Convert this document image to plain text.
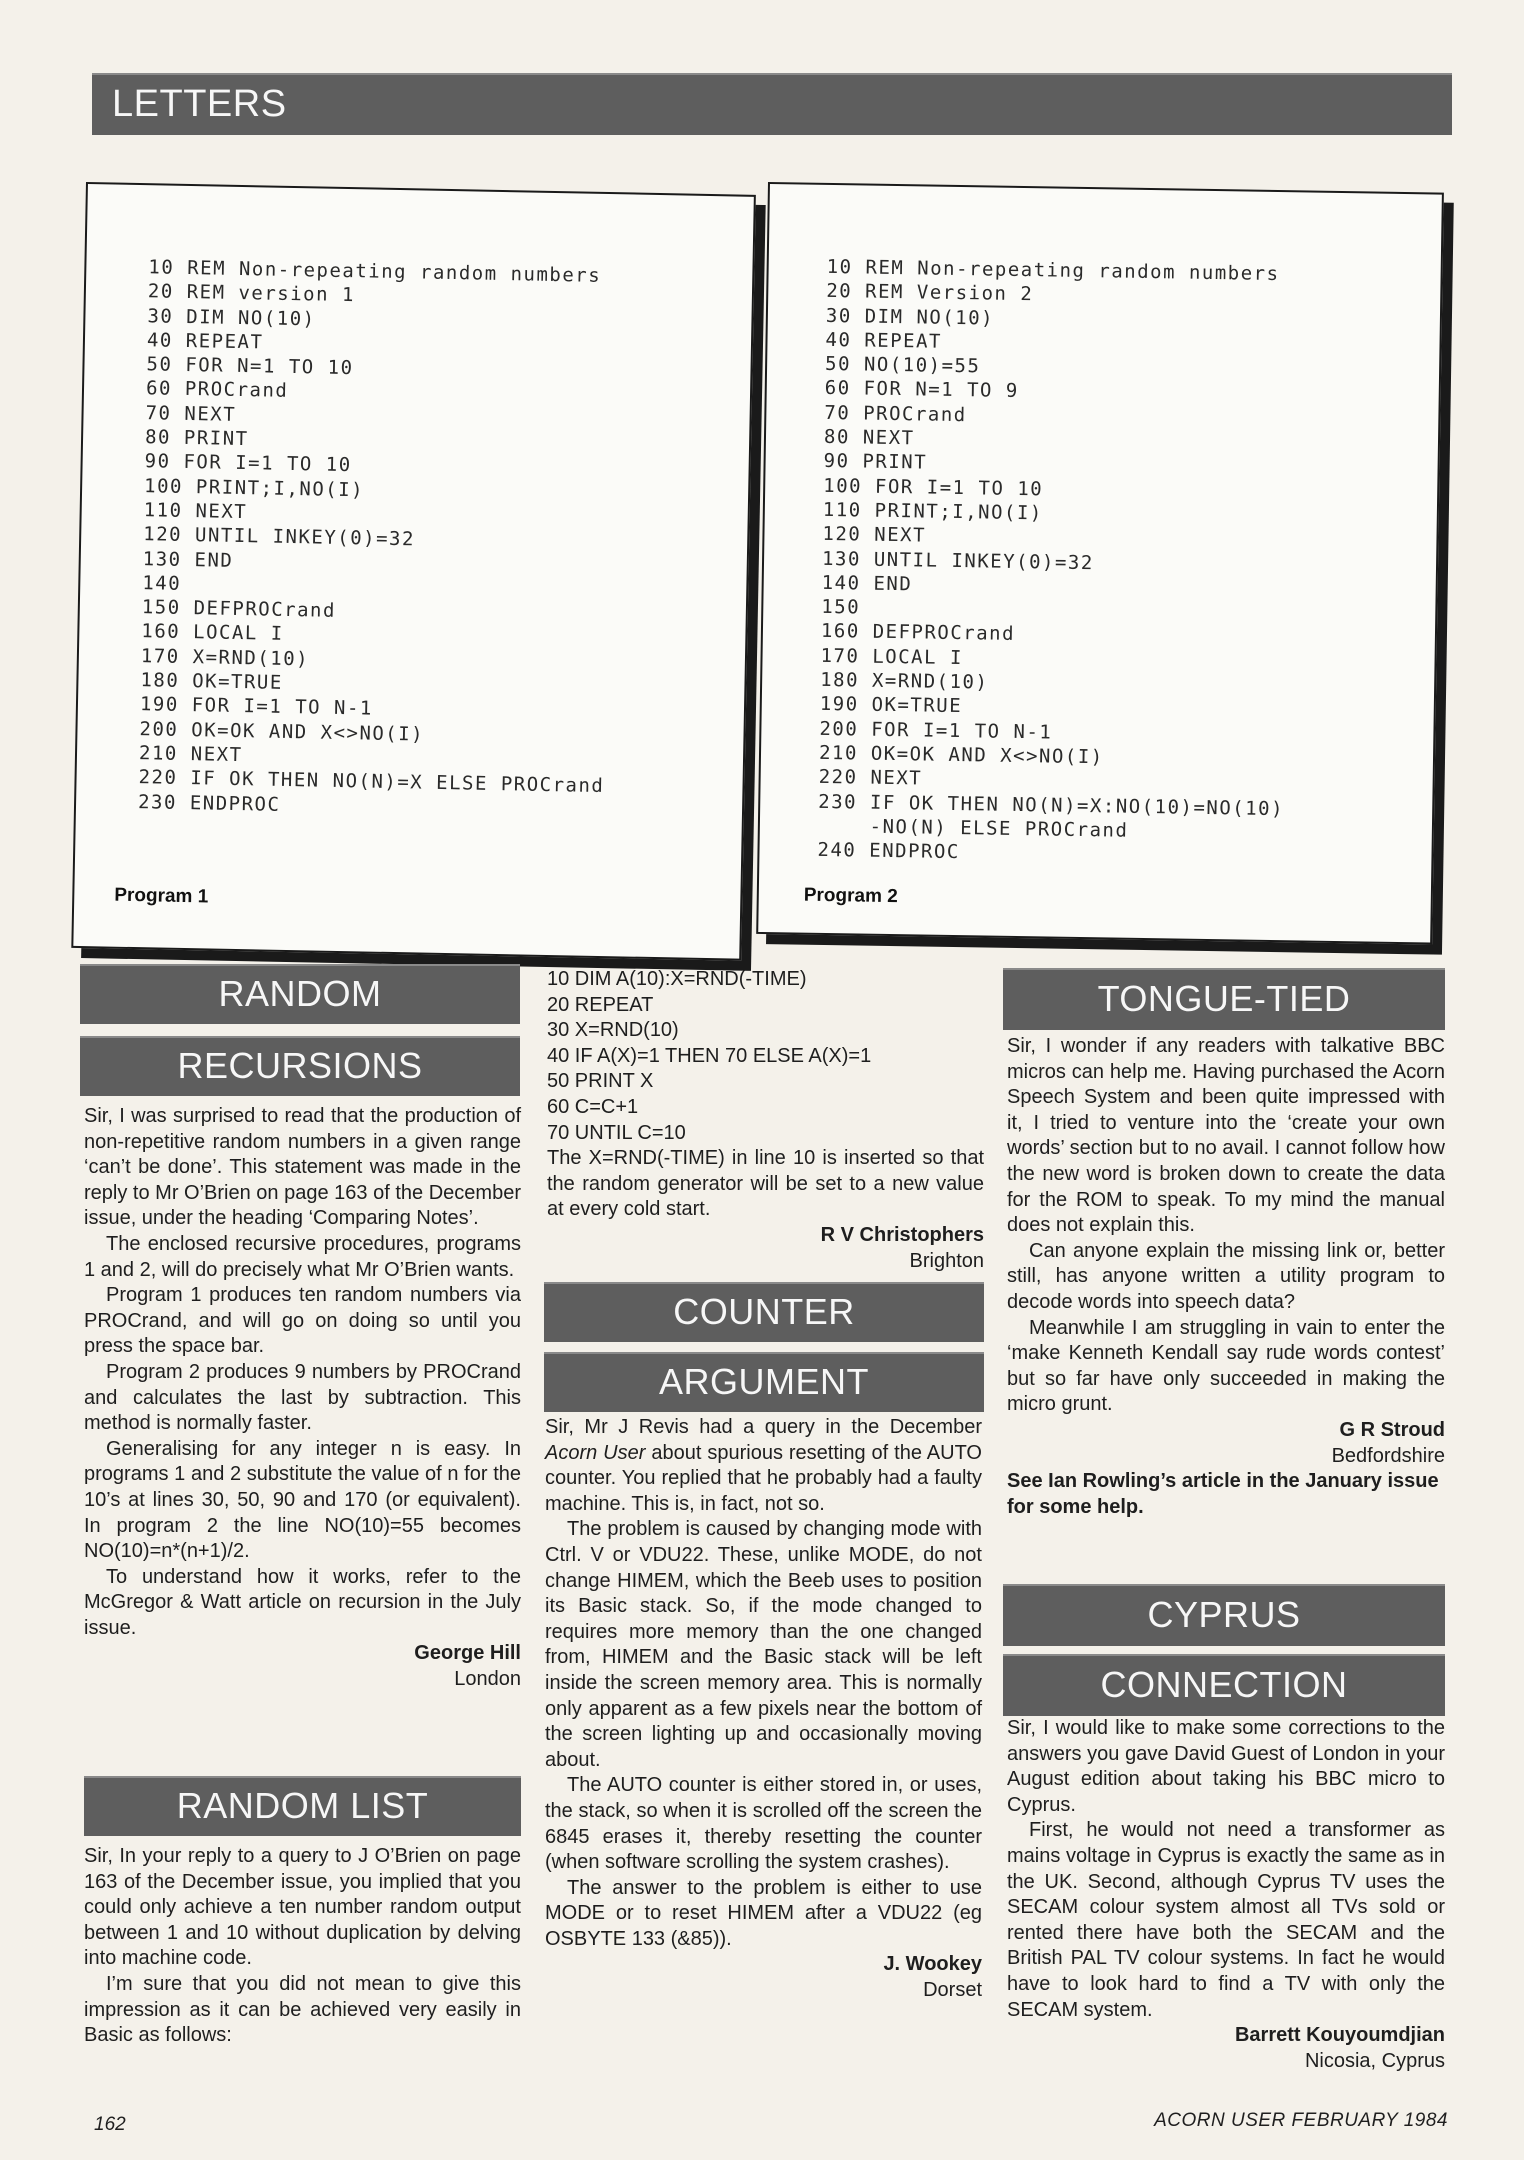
LETTERS
10 REM Non-repeating random numbers
20 REM version 1
30 DIM NO(10)
40 REPEAT
50 FOR N=1 TO 10
60 PROCrand
70 NEXT
80 PRINT
90 FOR I=1 TO 10
100 PRINT;I,NO(I)
110 NEXT
120 UNTIL INKEY(0)=32
130 END
140
150 DEFPROCrand
160 LOCAL I
170 X=RND(10)
180 OK=TRUE
190 FOR I=1 TO N-1
200 OK=OK AND X<>NO(I)
210 NEXT
220 IF OK THEN NO(N)=X ELSE PROCrand
230 ENDPROC
Program 1
10 REM Non-repeating random numbers
20 REM Version 2
30 DIM NO(10)
40 REPEAT
50 NO(10)=55
60 FOR N=1 TO 9
70 PROCrand
80 NEXT
90 PRINT
100 FOR I=1 TO 10
110 PRINT;I,NO(I)
120 NEXT
130 UNTIL INKEY(0)=32
140 END
150
160 DEFPROCrand
170 LOCAL I
180 X=RND(10)
190 OK=TRUE
200 FOR I=1 TO N-1
210 OK=OK AND X<>NO(I)
220 NEXT
230 IF OK THEN NO(N)=X:NO(10)=NO(10)
-NO(N) ELSE PROCrand
240 ENDPROC
Program 2
RANDOM
RECURSIONS

Sir, I was surprised to read that the production of non-repetitive random numbers in a given range ‘can’t be done’. This statement was made in the reply to Mr O’Brien on page 163 of the December issue, under the heading ‘Comparing Notes’.

The enclosed recursive procedures, programs 1 and 2, will do precisely what Mr O’Brien wants.

Program 1 produces ten random numbers via PROCrand, and will go on doing so until you press the space bar.

Program 2 produces 9 numbers by PROCrand and calculates the last by subtraction. This method is normally faster.

Generalising for any integer n is easy. In programs 1 and 2 substitute the value of n for the 10’s at lines 30, 50, 90 and 170 (or equivalent). In program 2 the line NO(10)=55 becomes NO(10)=n*(n+1)/2.

To understand how it works, refer to the McGregor & Watt article on recursion in the July issue.

George Hill
London
RANDOM LIST

Sir, In your reply to a query to J O’Brien on page 163 of the December issue, you implied that you could only achieve a ten number random output between 1 and 10 without duplication by delving into machine code.

I’m sure that you did not mean to give this impression as it can be achieved very easily in Basic as follows:

10 DIM A(10):X=RND(-TIME)

20 REPEAT

30 X=RND(10)

40 IF A(X)=1 THEN 70 ELSE A(X)=1

50 PRINT X

60 C=C+1

70 UNTIL C=10

The X=RND(-TIME) in line 10 is inserted so that the random generator will be set to a new value at every cold start.

R V Christophers
Brighton
COUNTER
ARGUMENT

Sir, Mr J Revis had a query in the December Acorn User about spurious resetting of the AUTO counter. You replied that he probably had a faulty machine. This is, in fact, not so.

The problem is caused by changing mode with Ctrl. V or VDU22. These, unlike MODE, do not change HIMEM, which the Beeb uses to position its Basic stack. So, if the mode changed to requires more memory than the one changed from, HIMEM and the Basic stack will be left inside the screen memory area. This is normally only apparent as a few pixels near the bottom of the screen lighting up and occasionally moving about.

The AUTO counter is either stored in, or uses, the stack, so when it is scrolled off the screen the 6845 erases it, thereby resetting the counter (when software scrolling the system crashes).

The answer to the problem is either to use MODE or to reset HIMEM after a VDU22 (eg OSBYTE 133 (&85)).

J. Wookey
Dorset
TONGUE-TIED

Sir, I wonder if any readers with talkative BBC micros can help me. Having purchased the Acorn Speech System and been quite impressed with it, I tried to venture into the ‘create your own words’ section but to no avail. I cannot follow how the new word is broken down to create the data for the ROM to speak. To my mind the manual does not explain this.

Can anyone explain the missing link or, better still, has anyone written a utility program to decode words into speech data?

Meanwhile I am struggling in vain to enter the ‘make Kenneth Kendall say rude words contest’ but so far have only succeeded in making the micro grunt.

G R Stroud
Bedfordshire
See Ian Rowling’s article in the January issue for some help.
CYPRUS
CONNECTION

Sir, I would like to make some corrections to the answers you gave David Guest of London in your August edition about taking his BBC micro to Cyprus.

First, he would not need a transformer as mains voltage in Cyprus is exactly the same as in the UK. Second, although Cyprus TV uses the SECAM colour system almost all TVs sold or rented there have both the SECAM and the British PAL TV colour systems. In fact he would have to look hard to find a TV with only the SECAM system.

Barrett Kouyoumdjian
Nicosia, Cyprus
162	ACORN USER FEBRUARY 1984
